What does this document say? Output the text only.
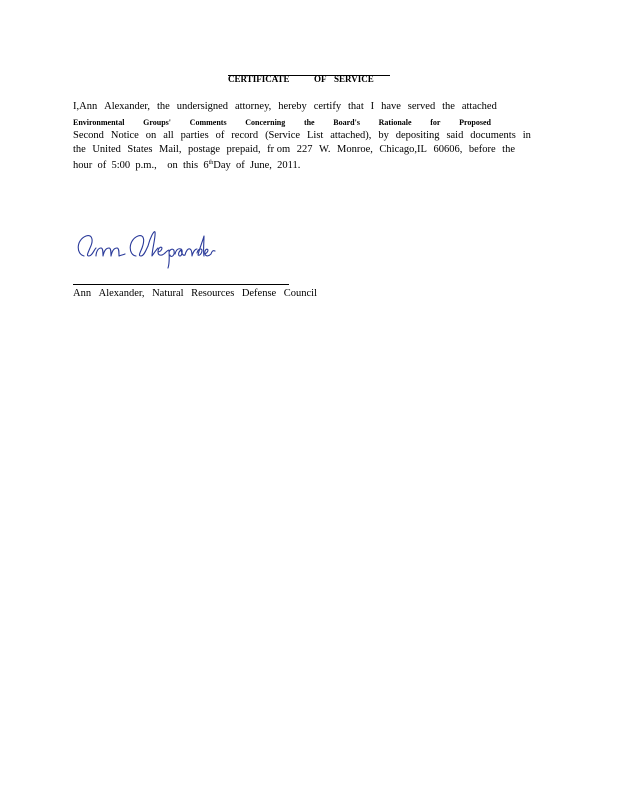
CERTIFICATE	OF SERVICE
I,Ann Alexander, the undersigned attorney, hereby certify that I have served the attached
Environmental Groups' Comments Concerning the Board's Rationale for Proposed
Second Notice on all parties of record (Service List attached), by depositing said documents in
the United States Mail, postage prepaid, fr om 227 W. Monroe, Chicago,IL 60606, before the
hour  of  5:00  p.m.,    on  this  6thDay  of  June,  2011.
Ann Alexander, Natural Resources Defense Council
